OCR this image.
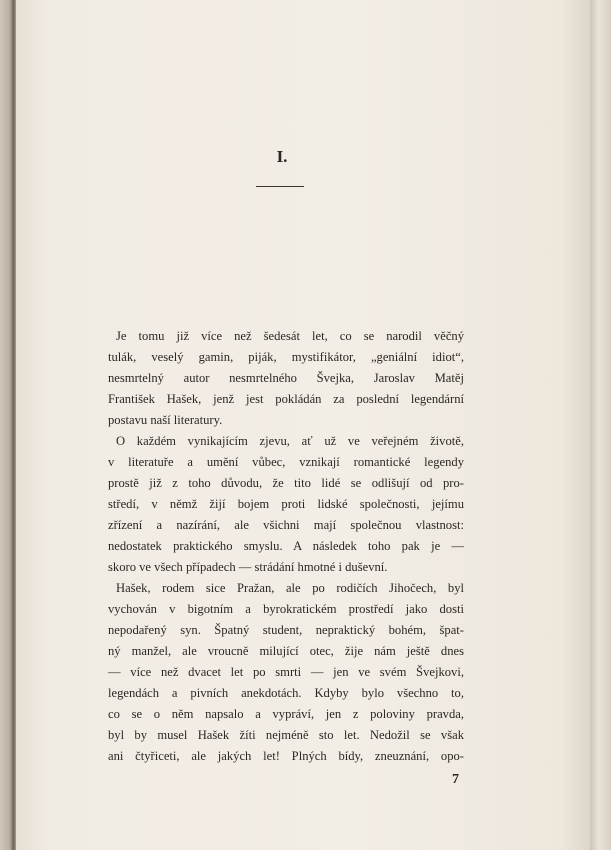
I.
Je tomu již více než šedesát let, co se narodil věčný
tulák, veselý gamin, piják, mystifikátor, „geniální idiot“,
nesmrtelný autor nesmrtelného Švejka, Jaroslav Matěj
František Hašek, jenž jest pokládán za poslední legendární
postavu naší literatury.
O každém vynikajícím zjevu, ať už ve veřejném životě,
v literatuře a umění vůbec, vznikají romantické legendy
prostě již z toho důvodu, že tito lidé se odlišují od pro-
středí, v němž žijí bojem proti lidské společnosti, jejímu
zřízení a nazírání, ale všichni mají společnou vlastnost:
nedostatek praktického smyslu. A následek toho pak je —
skoro ve všech případech — strádání hmotné i duševní.
Hašek, rodem sice Pražan, ale po rodičích Jihočech, byl
vychován v bigotním a byrokratickém prostředí jako dosti
nepodařený syn. Špatný student, nepraktický bohém, špat-
ný manžel, ale vroucně milující otec, žije nám ještě dnes
— více než dvacet let po smrti — jen ve svém Švejkovi,
legendách a pivních anekdotách. Kdyby bylo všechno to,
co se o něm napsalo a vypráví, jen z poloviny pravda,
byl by musel Hašek žíti nejméně sto let. Nedožil se však
ani čtyřiceti, ale jakých let! Plných bídy, zneuznání, opo-
7
